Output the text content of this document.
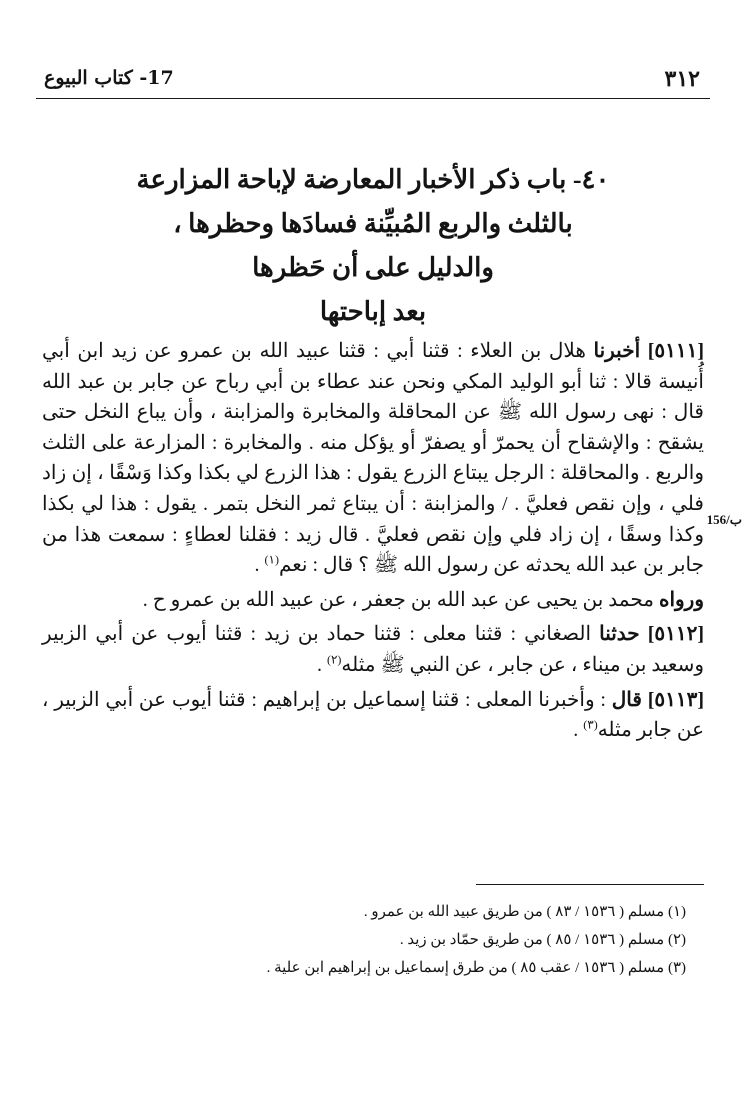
٣١٢
17- كتاب البيوع
٤٠- باب ذكر الأخبار المعارضة لإباحة المزارعة
بالثلث والربع المُبيِّنة فسادَها وحظرها ،
والدليل على أن حَظرها
بعد إباحتها
156/ب

[٥١١١] أخبرنا هلال بن العلاء : قثنا أبي : قثنا عبيد الله بن عمرو عن زيد ابن أبي أُنيسة قالا : ثنا أبو الوليد المكي ونحن عند عطاء بن أبي رباح عن جابر بن عبد الله قال : نهى رسول الله ﷺ عن المحاقلة والمخابرة والمزابنة ، وأن يباع النخل حتى يشقح : والإشقاح أن يحمرّ أو يصفرّ أو يؤكل منه . والمخابرة : المزارعة على الثلث والربع . والمحاقلة : الرجل يبتاع الزرع يقول : هذا الزرع لي بكذا وكذا وَسْقًا ، إن زاد فلي ، وإن نقص فعليَّ . / والمزابنة : أن يبتاع ثمر النخل بتمر . يقول : هذا لي بكذا وكذا وسقًا ، إن زاد فلي وإن نقص فعليَّ . قال زيد : فقلنا لعطاءٍ : سمعت هذا من جابر بن عبد الله يحدثه عن رسول الله ﷺ ؟ قال : نعم$^{(١)}$ .

ورواه محمد بن يحيى عن عبد الله بن جعفر ، عن عبيد الله بن عمرو ح .

[٥١١٢] حدثنا الصغاني : قثنا معلى : قثنا حماد بن زيد : قثنا أيوب عن أبي الزبير وسعيد بن ميناء ، عن جابر ، عن النبي ﷺ مثله$^{(٢)}$ .

[٥١١٣] قال : وأخبرنا المعلى : قثنا إسماعيل بن إبراهيم : قثنا أيوب عن أبي الزبير ، عن جابر مثله$^{(٣)}$ .

(١) مسلم ( ١٥٣٦ / ٨٣ ) من طريق عبيد الله بن عمرو .
(٢) مسلم ( ١٥٣٦ / ٨٥ ) من طريق حمّاد بن زيد .
(٣) مسلم ( ١٥٣٦ / عقب ٨٥ ) من طرق إسماعيل بن إبراهيم ابن علية .
